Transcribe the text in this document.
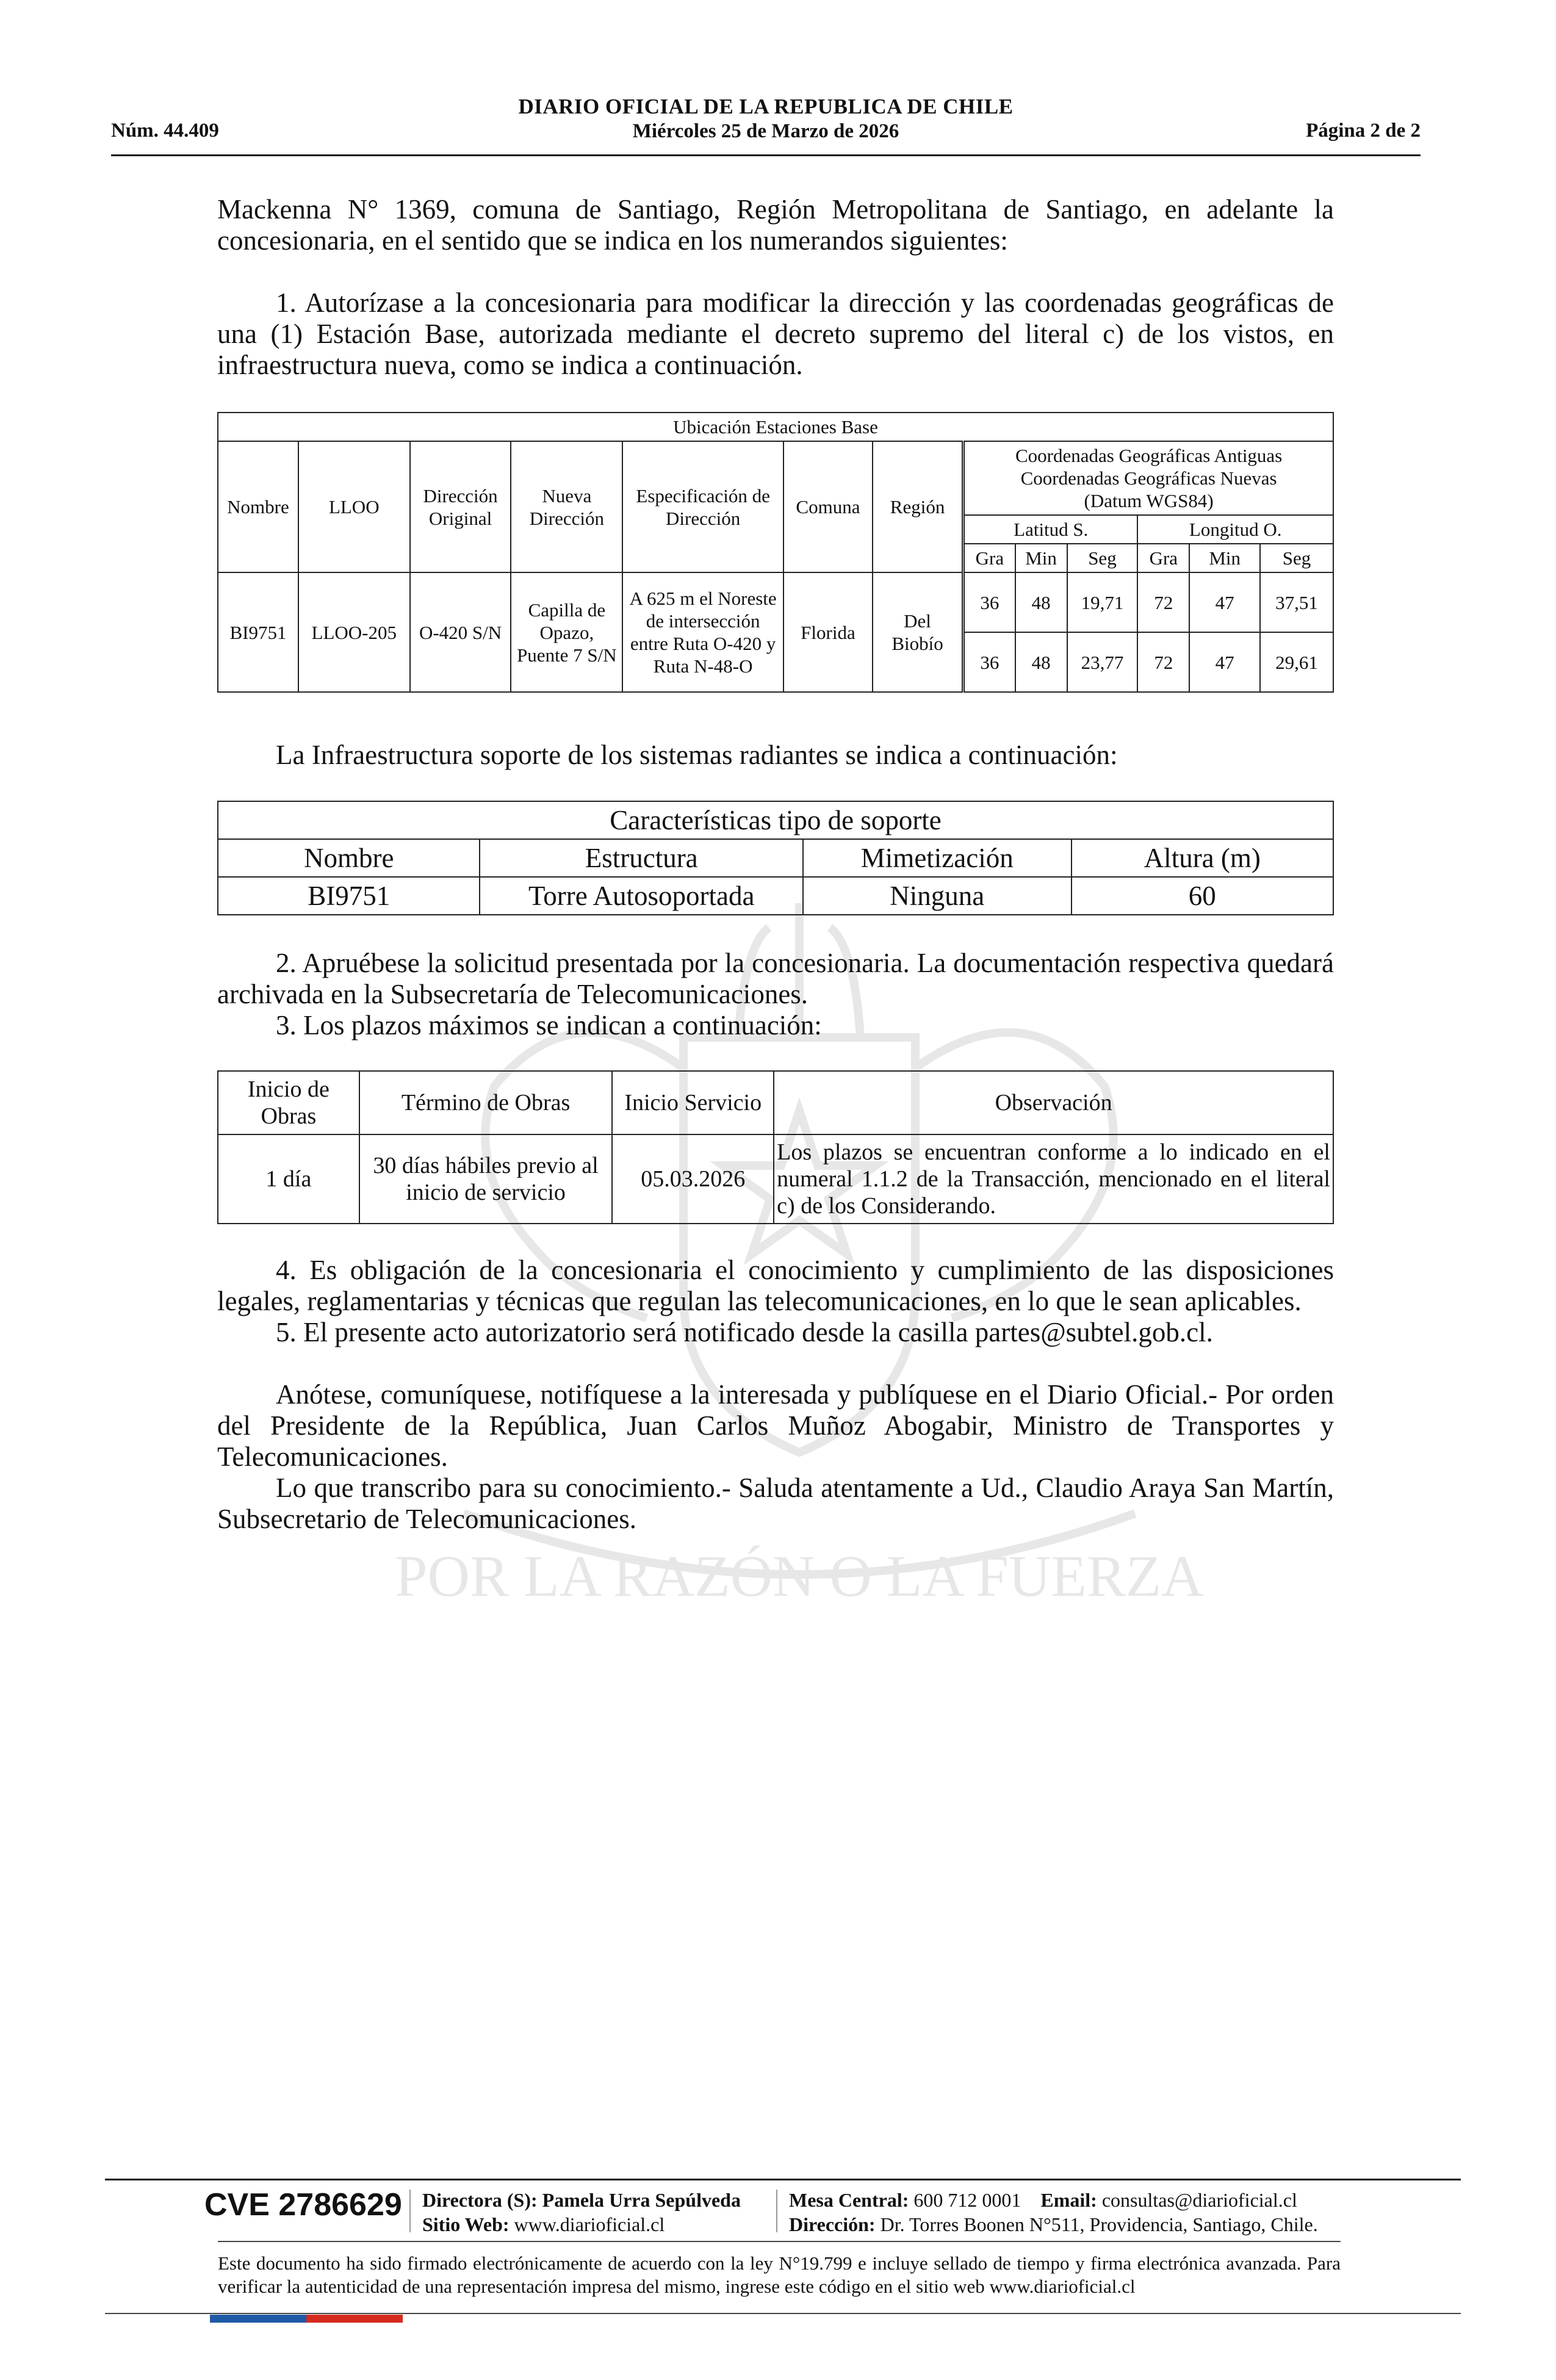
POR LA RAZÓN O LA FUERZA
DIARIO OFICIAL DE LA REPUBLICA DE CHILE
Núm. 44.409	Miércoles 25 de Marzo de 2026	Página 2 de 2

Mackenna N° 1369, comuna de Santiago, Región Metropolitana de Santiago, en adelante la concesionaria, en el sentido que se indica en los numerandos siguientes:

1. Autorízase a la concesionaria para modificar la dirección y las coordenadas geográficas de una (1) Estación Base, autorizada mediante el decreto supremo del literal c) de los vistos, en infraestructura nueva, como se indica a continuación.

Ubicación Estaciones Base												
Nombre	LLOO	Dirección Original	Nueva Dirección	Especificación de Dirección	Comuna	Región	Coordenadas Geográficas Antiguas
Coordenadas Geográficas Nuevas
(Datum WGS84)					

							Latitud S.			Longitud O.		
							Gra	Min	Seg	Gra	Min	Seg
BI9751	LLOO-205	O-420 S/N	Capilla de Opazo, Puente 7 S/N	A 625 m el Noreste de intersección entre Ruta O-420 y Ruta N-48-O	Florida	Del Biobío	36	48	19,71	72	47	37,51
							36	48	23,77	72	47	29,61

La Infraestructura soporte de los sistemas radiantes se indica a continuación:

Características tipo de soporte			
Nombre	Estructura	Mimetización	Altura (m)
BI9751	Torre Autosoportada	Ninguna	60

2. Apruébese la solicitud presentada por la concesionaria. La documentación respectiva quedará archivada en la Subsecretaría de Telecomunicaciones.

3. Los plazos máximos se indican a continuación:

Inicio de Obras	Término de Obras	Inicio Servicio	Observación
1 día	30 días hábiles previo al inicio de servicio	05.03.2026	Los plazos se encuentran conforme a lo indicado en el numeral 1.1.2 de la Transacción, mencionado en el literal c) de los Considerando.

4. Es obligación de la concesionaria el conocimiento y cumplimiento de las disposiciones legales, reglamentarias y técnicas que regulan las telecomunicaciones, en lo que le sean aplicables.

5. El presente acto autorizatorio será notificado desde la casilla partes@subtel.gob.cl.

Anótese, comuníquese, notifíquese a la interesada y publíquese en el Diario Oficial.- Por orden del Presidente de la República, Juan Carlos Muñoz Abogabir, Ministro de Transportes y Telecomunicaciones.

Lo que transcribo para su conocimiento.- Saluda atentamente a Ud., Claudio Araya San Martín, Subsecretario de Telecomunicaciones.

CVE 2786629 Directora (S): Pamela Urra Sepúlveda
Sitio Web: www.diarioficial.cl
Mesa Central: 600 712 0001 Email: consultas@diarioficial.cl
Dirección: Dr. Torres Boonen N°511, Providencia, Santiago, Chile.
Este documento ha sido firmado electrónicamente de acuerdo con la ley N°19.799 e incluye sellado de tiempo y firma electrónica avanzada. Para verificar la autenticidad de una representación impresa del mismo, ingrese este código en el sitio web www.diarioficial.cl
